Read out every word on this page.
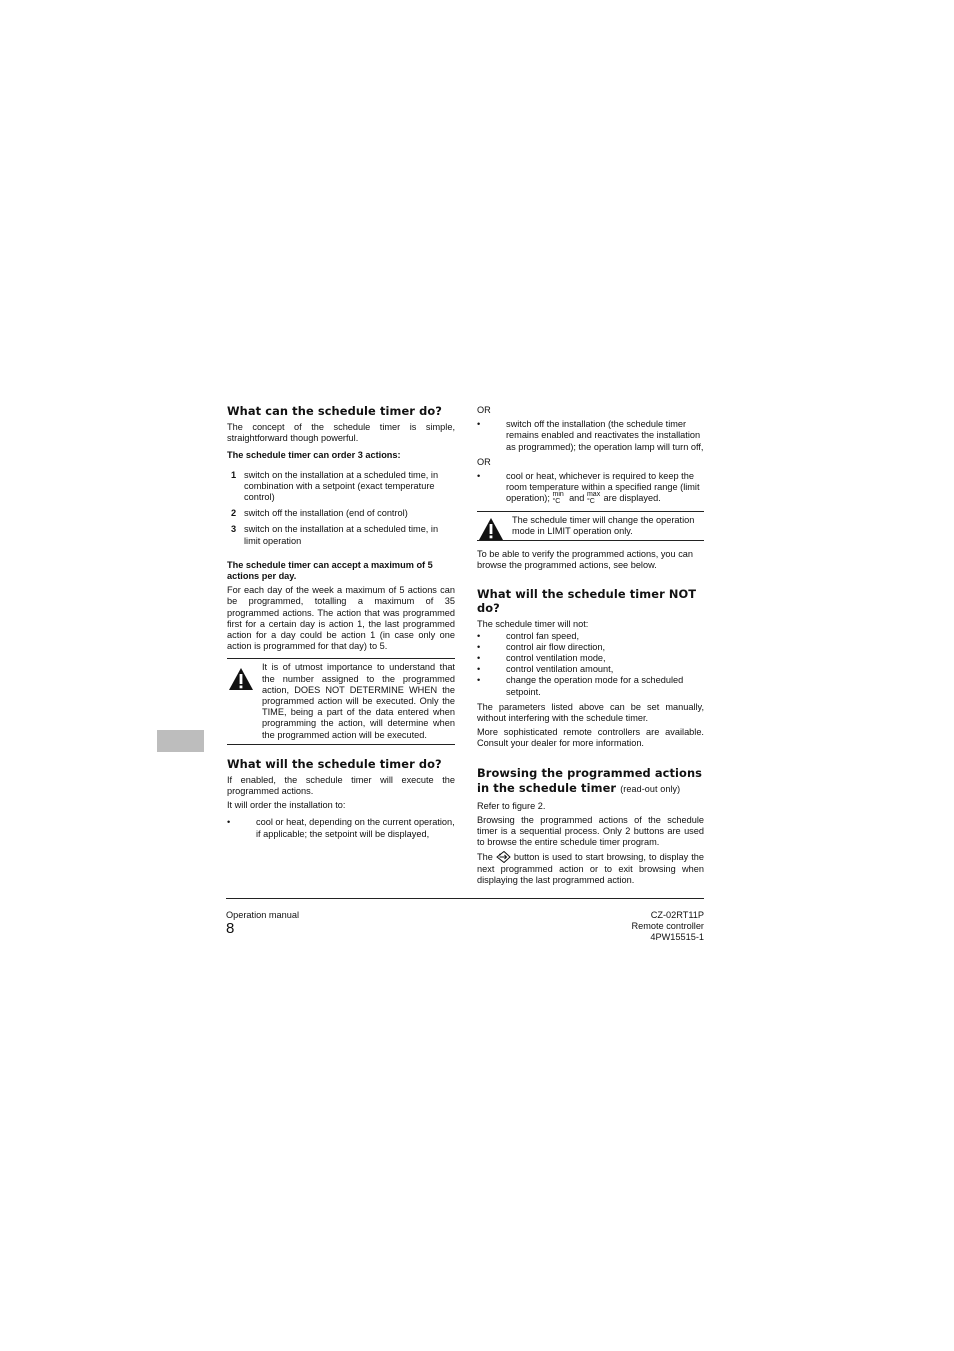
What can the schedule timer do?

The concept of the schedule timer is simple, straightforward though powerful.

The schedule timer can order 3 actions:

1 switch on the installation at a scheduled time, in combination with a setpoint (exact temperature control)
2 switch off the installation (end of control)
3 switch on the installation at a scheduled time, in limit operation

The schedule timer can accept a maximum of 5 actions per day.

For each day of the week a maximum of 5 actions can be programmed, totalling a maximum of 35 programmed actions. The action that was programmed first for a certain day is action 1, the last programmed action for a day could be action 1 (in case only one action is programmed for that day) to 5.

It is of utmost importance to understand that the number assigned to the programmed action, DOES NOT DETERMINE WHEN the programmed action will be executed. Only the TIME, being a part of the data entered when programming the action, will determine when the programmed action will be executed.

What will the schedule timer do?

If enabled, the schedule timer will execute the programmed actions.

It will order the installation to:

•	cool or heat, depending on the current operation, if applicable; the setpoint will be displayed,

OR

•	switch off the installation (the schedule timer remains enabled and reactivates the installation as programmed); the operation lamp will turn off,

OR

•	cool or heat, whichever is required to keep the room temperature within a specified range (limit operation); min
°C and max
°C are displayed.

The schedule timer will change the operation mode in LIMIT operation only.

To be able to verify the programmed actions, you can browse the programmed actions, see below.

What will the schedule timer NOT do?

The schedule timer will not:

•	control fan speed,
•	control air flow direction,
•	control ventilation mode,
•	control ventilation amount,
•	change the operation mode for a scheduled setpoint.

The parameters listed above can be set manually, without interfering with the schedule timer.

More sophisticated remote controllers are available. Consult your dealer for more information.

Browsing the programmed actions in the schedule timer (read-out only)

Refer to figure 2.

Browsing the programmed actions of the schedule timer is a sequential process. Only 2 buttons are used to browse the entire schedule timer program.

The button is used to start browsing, to display the next programmed action or to exit browsing when displaying the last programmed action.

Operation manual
8
CZ-02RT11P
Remote controller
4PW15515-1
